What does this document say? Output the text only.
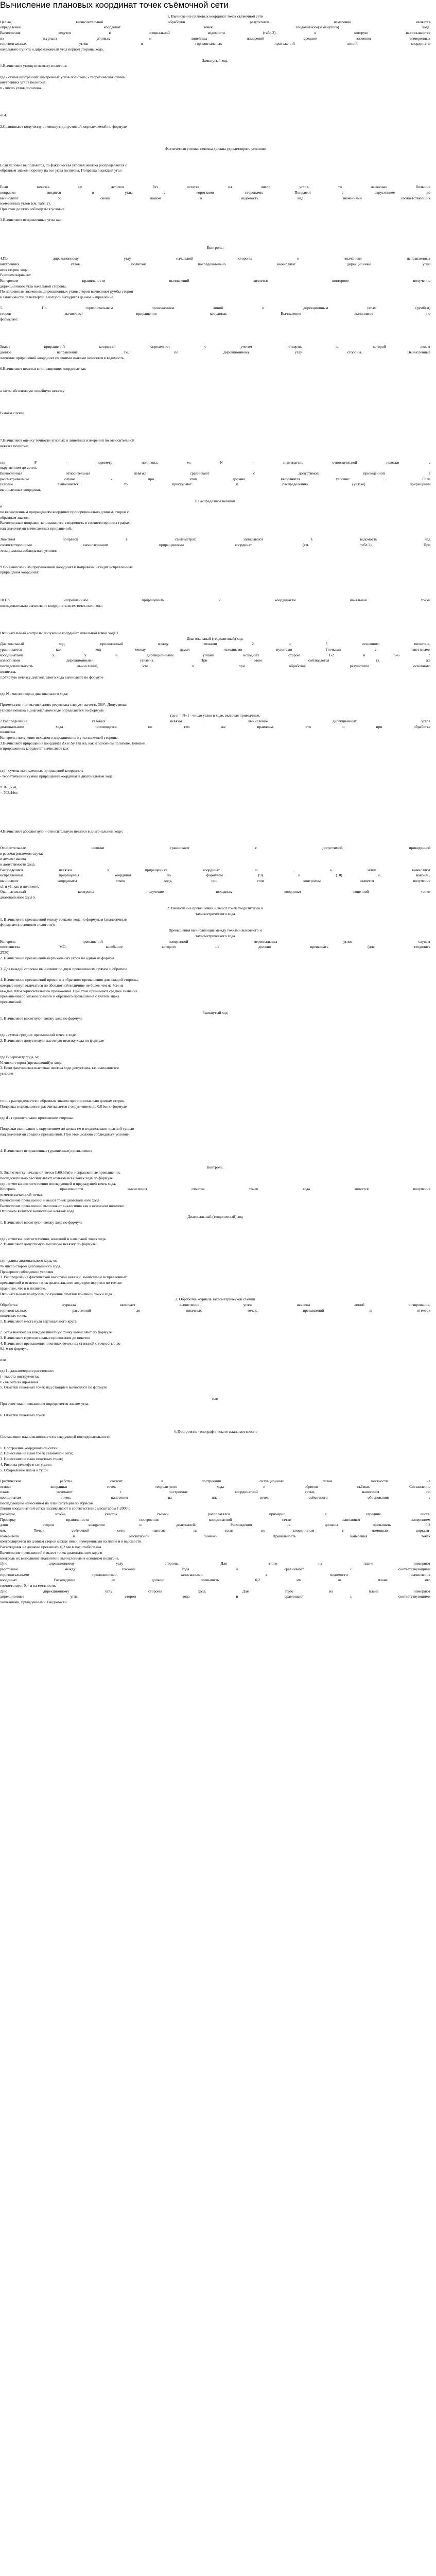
Вычисление плановых координат точек съёмочной сети
1. Вычисление плановых координат точек съёмочной сети
Целью вычислительной обработки результатов измерений является
определение координат точек теодолитного(замкнутого) хода.
Вычисления ведутся в специальной ведомости (табл.2), в которую выписываются
из журнала угловых и линейных измерений средние значения измеренных
горизонтальных углов и горизонтальных проложений линий, координаты
начального пункта и дирекционный угол первой стороны хода.
Замкнутый ход.
1.Вычисляют угловую невязку полигона:
где - сумма внутренних измеренных углов полигона; - теоретическая сумма
внутренних углов полигона;
n - число углов полигона.
-0.4.
2.Сравнивают полученную невязку с допустимой, определяемой по формуле
Фактическая угловая невязка должна удовлетворять условию
Если условие выполняется, то фактическая угловая невязка распределяется с
обратным знаком поровну на все углы полигона. Поправка в каждый угол
Если невязка не делится без остатка на число углов, то несколько большие
поправки вводятся в углы с короткими сторонами. Поправки с округлением до
вычисляют со своим знаком в ведомость над значениями соответствующих
измеренных углов (см. табл.2).
При этом должно соблюдаться условие
3.Вычисляют исправленные углы как
Контроль:
4.По дирекционному углу начальной стороны и значениям исправленных
внутренних углов полигона последовательно вычисляют дирекционные углы
всех сторон хода:
В нашем варианте:
Контролем правильности вычислений является повторное получение
дирекционного угла начальной стороны.
По найденным значениям дирекционных углов сторон вычисляют румбы сторон
в зависимости от четверти, в которой находится данное направление
5. По горизонтальным проложениям линий и дирекционным углам (румбам)
сторон вычисляют приращения координат. Вычисления выполняют по
формулам:
Знаки приращений координат определяют с учетом четверти, в которой лежит
данное направление, т.е. по дирекционному углу стороны. Вычисленные
значения приращений координат со своими знаками заносятся в ведомость.
6.Вычисляют невязки в приращениях координат как
а затем абсолютную линейную невязку
В моём случае
7.Вычисляют оценку точности угловых и линейных измерений по относительной
невязке полигона
где Р - периметр полигона, м; N - знаменатель относительной невязки с
округлением до сотен.
Вычисленная относительная невязка сравнивают с допустимой, приведенной в
рассматриваемом случае - при этом должно выполнятся условие: . Если
условие выполняется, то приступают к распределению (увязке) приращений
вычисленных координат.
8.Распределяют невязки
и
по вычисленным приращениям координат пропорционально длинам, сторон с
обратным знаком.
Вычисленные поправки записываются в ведомость в соответствующих графах
над значениями вычисленных приращений.
Значения поправок в сантиметрах записывают в ведомость над
соответствующими вычисленными приращениями координат (см. табл.2). При
этом должны соблюдаться условия:
9.По вычисленным приращениям координат и поправкам находят исправленные
приращения координат:
10.По исправленным приращениям и координатам начальной точки
последовательно вычисляют координаты всех точек полигона:
Окончательный контроль: получение координат начальной точки хода 1.
Диагональный (теодолитный) ход.
Диагональный ход, проложенный между точками 2 и 5 основного полигона,
уравнивается как ход между двумя исходными пунктами (точками с известными
координатами x, y и дирекционными углами исходных сторон 1-2 и 5-6 с
известными дирекционными углами). При этом соблюдается та же
последовательность вычислений, что и при обработке результатов основного
полигона.
1.Угловую невязку диагонального хода вычисляют по формуле
где N - число сторон диагонального хода;
Примечание: при вычислениях результата следует вычесть 360°. Допустимая
угловая невязка в диагональном ходе определяется по формуле
где n = N+1 - число углов в ходе, включая примычные.
2.Распределение угловых невязок, вычисление дирекционных углов
диагонального хода производятся по тем же правилам, что и при обработке
полигона.
Контроль: получение исходного дирекционного угла конечной стороны.
3.Вычисляют приращения координат Δx и Δy так же, как и основном полигоне. Невязки
в приращениях координат вычисляют как
где - суммы вычисленных приращений координат;
- теоретические суммы приращений координат в диагональном ходе.
= 161,55м,
=-703,44м;
4.Вычисляют абсолютную и относительную невязки в диагональном ходе:
Относительные невязки сравнивают с допустимой, приведенной
в рассматриваемом случае
и делают вывод
о допустимости хода.
Распределяют невязки в приращениях координат и , а затем вычисляют
исправленные приращения координат по формулам (9) и (10) и, наконец,
вычисляют координаты точек хода, при этом контролем является получение
x1 и y1, как в полигоне.
Окончательный контроль: получение исходных координат конечной точки
диагонального хода 5.
2. Вычисление превышений и высот точек теодолитного и
тахеометрического хода
1. Вычисление превышений между точками хода по формулам (аналогичным
формулам в основном полигоне):
Превышения вычисляющие между точками высотного и
тахеометрического хода
Контроль превышений измеренной вертикальных углов служит
постоянства МО, колебание которого не должно превышать (для теодолита
2Т30).
2. Вычисление превышений вертикальных углов по одной из формул
3. Для каждой стороны вычисляют по двум превышениям прямое и обратное
4. Вычисление превышений прямого и обратного превышения для каждой стороны,
которые могут отличаться по абсолютной величине не более чем на 4см на
каждые 100м горизонтального проложения. При этом принимают среднее значение
превышения со знаком прямого и обратного превышения с учетом знака
превышений.
Замкнутый ход
1. Вычисляют высотную невязку хода по формуле
где - сумма средних превышений точек в ходе.
2. Вычисляют допустимую высотную невязку хода по формуле
где P-периметр хода, м;
N-число сторон (превышений) в ходе.
3. Если фактическая высотная невязка ходе допустима, т.е. выполняется
условие
то она распределяется с обратным знаком пропорционально длинам сторон.
Поправка в превышения рассчитывается с округлением до 0,01м по формуле
где d - горизонтальное проложение стороны.
Поправки вычисляют с округлением до целых см и подписывают красной тушью
над значениями средних превышений. При этом должно соблюдаться условие
4. Вычисляют исправленные (уравненные) превышения
Контроль:
5. Зная отметку начальной точки (160,59м) и исправленные превышения,
последовательно рассчитывают отметки всех точек хода по формуле
где - отметки соответственно последующей и предыдущей точек хода.
Контроль правильности вычисления отметок точек хода является получение
отметки начальной точки.
Вычисление превышений и высот точек диагонального хода
Вычисление превышений выполняют аналогично как в основном полигоне.
Отличием является вычисление невязок хода.
Диагональный (теодолитный) ход
1. Вычисляют высотную невязку хода по формуле
где - отметки, соответственно, конечной и начальной точек хода.
2. Вычисляют допустимую высотную невязку по формуле
где - длина диагонального хода, м;
N- число сторон диагонального хода.
Проверяют соблюдение условия
3. Распределение фактической высотной невязки, вычисление исправленных
превышений и отметок точек диагонального хода производится по тем же
правилам, что и в полигоне.
Окончательным контролем получение отметки конечной точки хода.
3. Обработка журнала тахеометрической съёмки
Обработка журнала включает вычисление углов наклона линий визирования,
горизонтальных расстояний до пикетных точек, превышений и отметок
пикетных точек.
1. Вычисляют места нуля вертикального круга
2. Углы наклона на каждую пикетную точку вычисляют по формуле
3. Вычисляют горизонтальные проложения до пикетов
4. Вычисляют превышения пикетных точек над станцией с точностью до
0,1 м по формуле
или
где l - дальномерное расстояние;
i - высота инструмента;
v - высота визирования.
5. Отметки пикетных точек над станцией вычисляют по формуле
или
При этом знак превышения определяется знаком угла.
6. Отметки пикетных точек
4. Построение топографического плана местности
Составление плана выполняется в следующей последовательности:
1. Построение координатной сетки.
2. Нанесение на план точек съёмочной сети;
3. Нанесение на план пикетных точек;
4. Рисовка рельефа и ситуации;
5. Оформление плана в туши.
Графические работы состоят в построении ситуационного плана местности на
основе координат точек теодолитного хода и абрисов съёмки. Составление
плана начинают с построения координатной сетки, нанесения по
координатам точек, нанесения на план точек съёмочного обоснования с
последующим нанесением на план ситуации по абрисам.
Линии координатной сетки подписывают в соответствии с масштабом 1:2000 с
расчётом, чтобы участок съёмки располагался примерно в середине листа.
Проверку правильности построения координатной сетки выполняют измерением
длин сторон квадратов и диагоналей. Расхождения не должны превышать 0,2
мм. Точки съёмочной сети наносят на план по координатам с помощью циркуля-
измерителя и масштабной линейки. Правильность нанесения точек
контролируется по длинам сторон между ними, измеренными на плане и в ведомости.
Расхождения не должны превышать 0,2 мм в масштабе плана.
Вычисление превышений и высот точек диагонального хода и
контроль их выполняют аналогично вычислениям в основном полигоне.
1)по дирекционному углу стороны. Для этого на плане измеряют
расстояние между точками хода и сравнивают с соответствующими
горизонтальными проложениями, записанными в ведомости вычисления
координат. Расхождение не должно превышать 0,2 мм на плане, что
соответствует 0,4 м на местности.
2)по дирекционному углу стороны хода. Для этого на плане измеряют
дирекционные углы сторон хода и сравнивают с соответствующими
значениями, приведёнными в ведомости.
